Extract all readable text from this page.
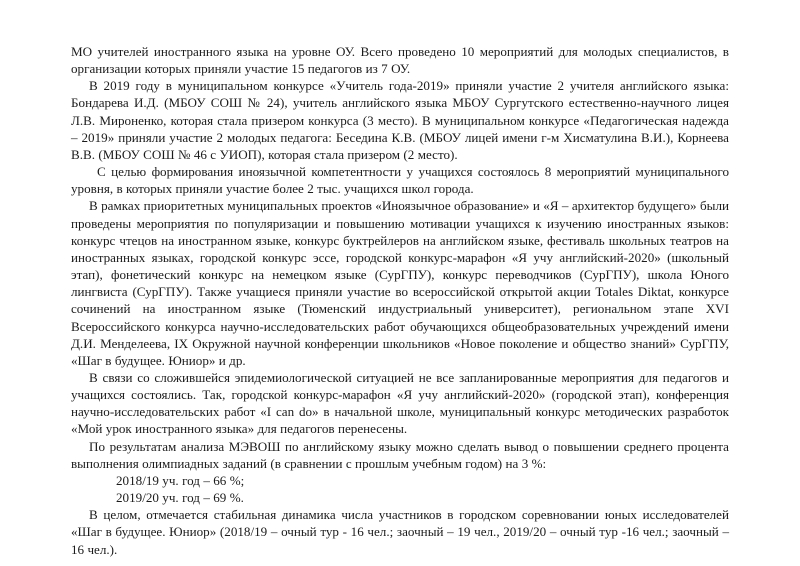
МО учителей иностранного языка на уровне ОУ. Всего проведено 10 мероприятий для молодых специалистов, в организации которых приняли участие 15 педагогов из 7 ОУ.

В 2019 году в муниципальном конкурсе «Учитель года-2019» приняли участие 2 учителя английского языка: Бондарева И.Д. (МБОУ СОШ № 24), учитель английского языка МБОУ Сургутского естественно-научного лицея Л.В. Мироненко, которая стала призером конкурса (3 место). В муниципальном конкурсе «Педагогическая надежда – 2019» приняли участие 2 молодых педагога: Беседина К.В. (МБОУ лицей имени г-м Хисматулина В.И.), Корнеева В.В. (МБОУ СОШ № 46 с УИОП), которая стала призером (2 место).

С целью формирования иноязычной компетентности у учащихся состоялось 8 мероприятий муниципального уровня, в которых приняли участие более 2 тыс. учащихся школ города.

В рамках приоритетных муниципальных проектов «Иноязычное образование» и «Я – архитектор будущего» были проведены мероприятия по популяризации и повышению мотивации учащихся к изучению иностранных языков: конкурс чтецов на иностранном языке, конкурс буктрейлеров на английском языке, фестиваль школьных театров на иностранных языках, городской конкурс эссе, городской конкурс-марафон «Я учу английский-2020» (школьный этап), фонетический конкурс на немецком языке (СурГПУ), конкурс переводчиков (СурГПУ), школа Юного лингвиста (СурГПУ). Также учащиеся приняли участие во всероссийской открытой акции Totales Diktat, конкурсе сочинений на иностранном языке (Тюменский индустриальный университет), региональном этапе XVI Всероссийского конкурса научно-исследовательских работ обучающихся общеобразовательных учреждений имени Д.И. Менделеева, IX Окружной научной конференции школьников «Новое поколение и общество знаний» СурГПУ, «Шаг в будущее. Юниор» и др.

В связи со сложившейся эпидемиологической ситуацией не все запланированные мероприятия для педагогов и учащихся состоялись. Так, городской конкурс-марафон «Я учу английский-2020» (городской этап), конференция научно-исследовательских работ «I can do» в начальной школе, муниципальный конкурс методических разработок «Мой урок иностранного языка» для педагогов перенесены.

По результатам анализа МЭВОШ по английскому языку можно сделать вывод о повышении среднего процента выполнения олимпиадных заданий (в сравнении с прошлым учебным годом) на 3 %:

2018/19 уч. год – 66 %;

2019/20 уч. год – 69 %.

В целом, отмечается стабильная динамика числа участников в городском соревновании юных исследователей «Шаг в будущее. Юниор» (2018/19 – очный тур - 16 чел.; заочный – 19 чел., 2019/20 – очный тур -16 чел.; заочный – 16 чел.).
